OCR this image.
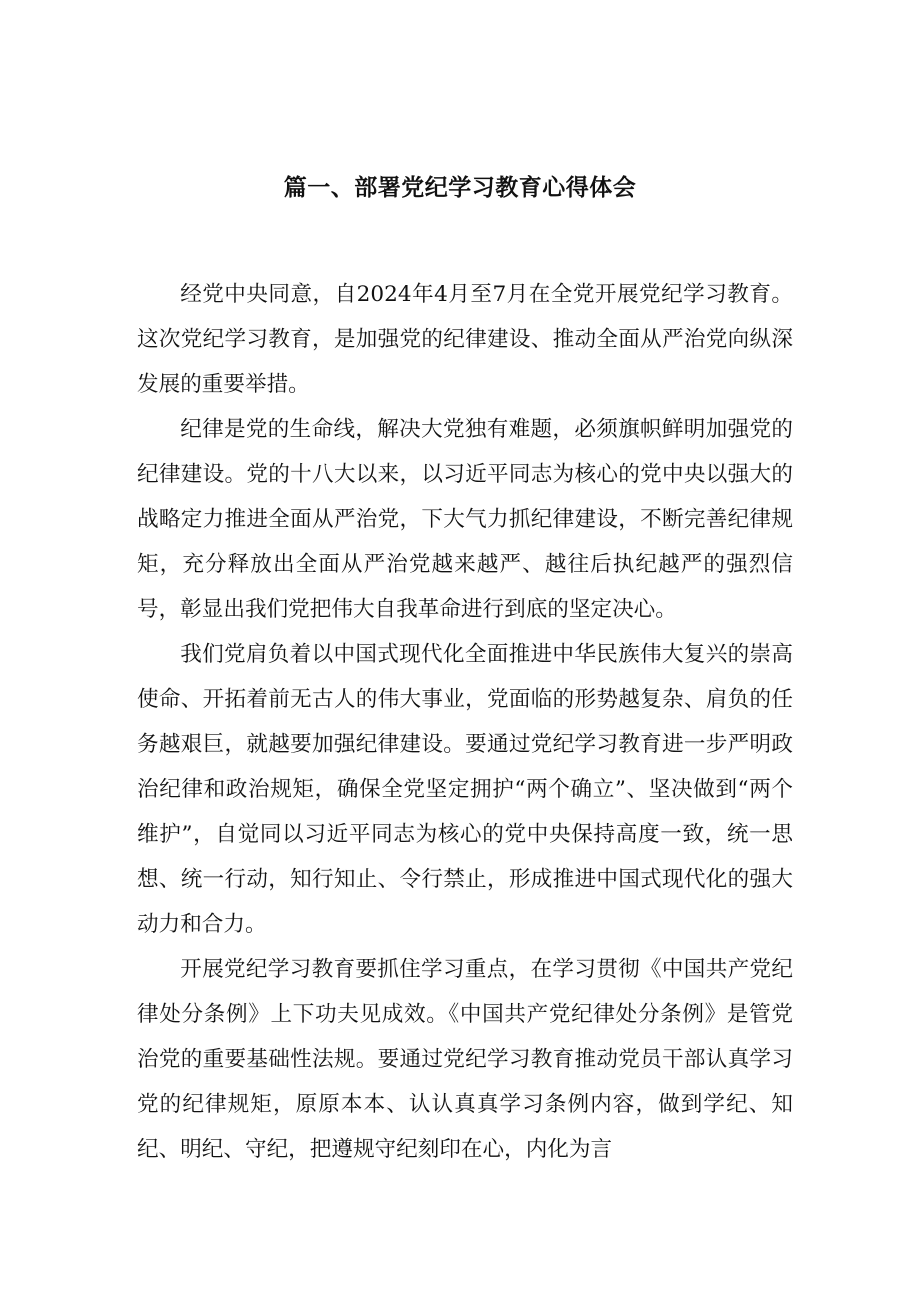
篇一、部署党纪学习教育心得体会

经党中央同意，自2024年4月至7月在全党开展党纪学习教育。这次党纪学习教育，是加强党的纪律建设、推动全面从严治党向纵深发展的重要举措。

纪律是党的生命线，解决大党独有难题，必须旗帜鲜明加强党的纪律建设。党的十八大以来，以习近平同志为核心的党中央以强大的战略定力推进全面从严治党，下大气力抓纪律建设，不断完善纪律规矩，充分释放出全面从严治党越来越严、越往后执纪越严的强烈信号，彰显出我们党把伟大自我革命进行到底的坚定决心。

我们党肩负着以中国式现代化全面推进中华民族伟大复兴的崇高使命、开拓着前无古人的伟大事业，党面临的形势越复杂、肩负的任务越艰巨，就越要加强纪律建设。要通过党纪学习教育进一步严明政治纪律和政治规矩，确保全党坚定拥护“两个确立”、坚决做到“两个维护”，自觉同以习近平同志为核心的党中央保持高度一致，统一思想、统一行动，知行知止、令行禁止，形成推进中国式现代化的强大动力和合力。

开展党纪学习教育要抓住学习重点，在学习贯彻《中国共产党纪律处分条例》上下功夫见成效。《中国共产党纪律处分条例》是管党治党的重要基础性法规。要通过党纪学习教育推动党员干部认真学习党的纪律规矩，原原本本、认认真真学习条例内容，做到学纪、知纪、明纪、守纪，把遵规守纪刻印在心，内化为言
